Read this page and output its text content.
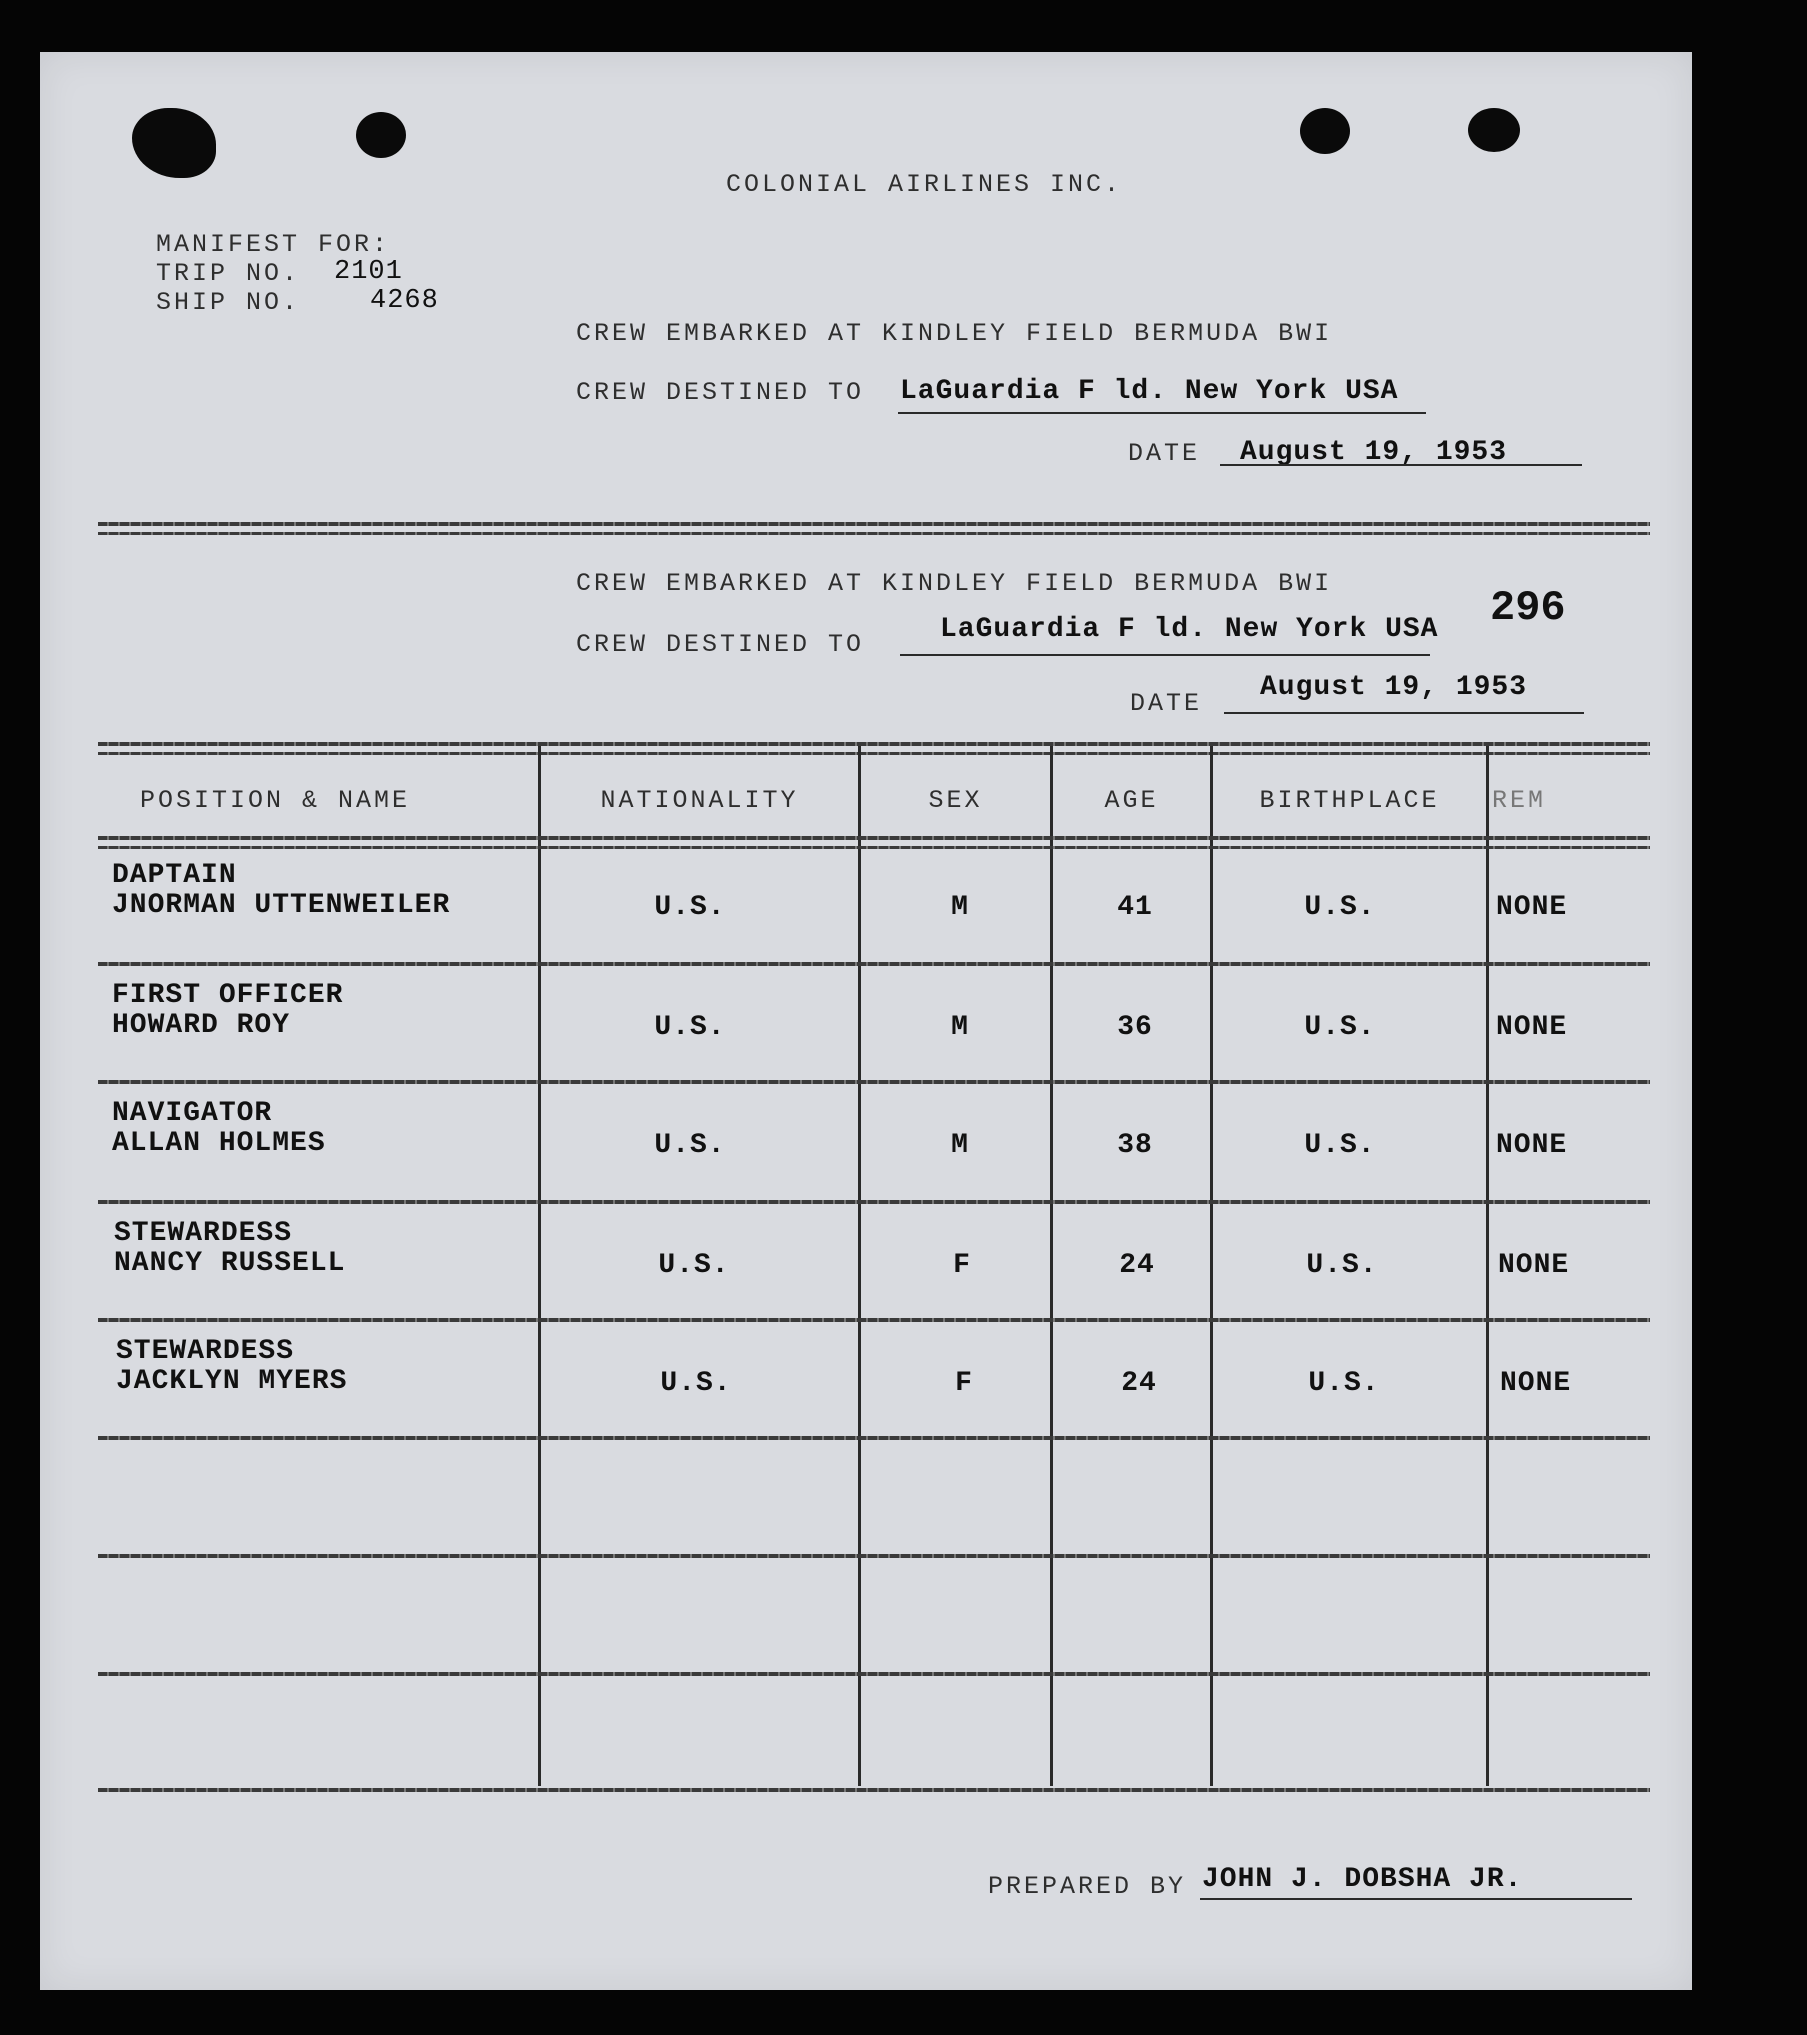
COLONIAL AIRLINES INC.
MANIFEST FOR:
TRIP NO. 2101
SHIP NO.	4268
CREW EMBARKED AT KINDLEY FIELD BERMUDA BWI
CREW DESTINED TO LaGuardia F ld. New York USA
DATE August 19, 1953
CREW EMBARKED AT KINDLEY FIELD BERMUDA BWI
CREW DESTINED TO	LaGuardia F ld. New York USA 296
DATE
August 19, 1953
POSITION & NAME	NATIONALITY	SEX	AGE	BIRTHPLACE	REM
DAPTAIN
JNORMAN UTTENWEILER	U.S.	M	41	U.S.	NONE
FIRST OFFICER
HOWARD ROY	U.S.	M	36	U.S.	NONE
NAVIGATOR
ALLAN HOLMES	U.S.	M	38	U.S.	NONE
STEWARDESS
NANCY RUSSELL	U.S.	F	24	U.S.	NONE
STEWARDESS
JACKLYN MYERS	U.S.	F	24	U.S.	NONE
PREPARED BY JOHN J. DOBSHA JR.
